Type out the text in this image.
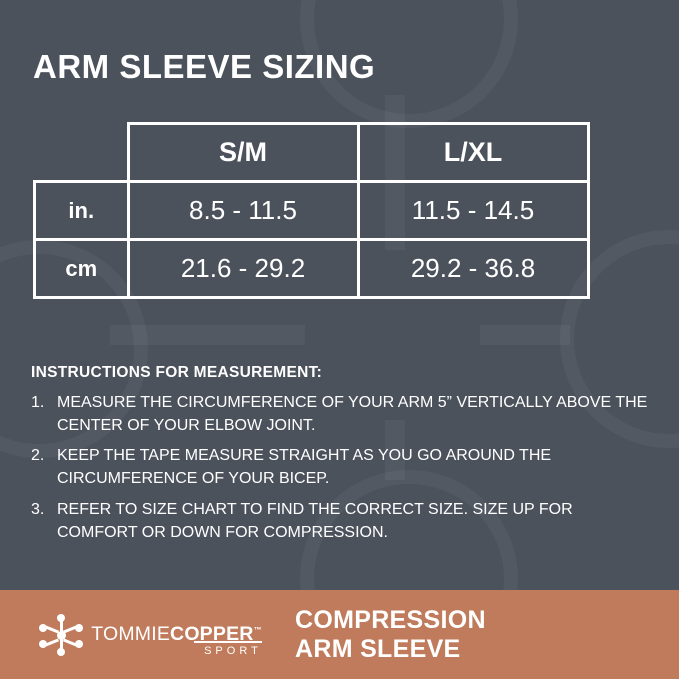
ARM SLEEVE SIZING
	S/M	L/XL
in.	8.5 - 11.5	11.5 - 14.5
cm	21.6 - 29.2	29.2 - 36.8
INSTRUCTIONS FOR MEASUREMENT:
1. MEASURE THE CIRCUMFERENCE OF YOUR ARM 5” VERTICALLY ABOVE THE CENTER OF YOUR ELBOW JOINT.
2. KEEP THE TAPE MEASURE STRAIGHT AS YOU GO AROUND THE CIRCUMFERENCE OF YOUR BICEP.
3. REFER TO SIZE CHART TO FIND THE CORRECT SIZE. SIZE UP FOR COMFORT OR DOWN FOR COMPRESSION.
TOMMIECOPPER™
SPORT
COMPRESSION
ARM SLEEVE
